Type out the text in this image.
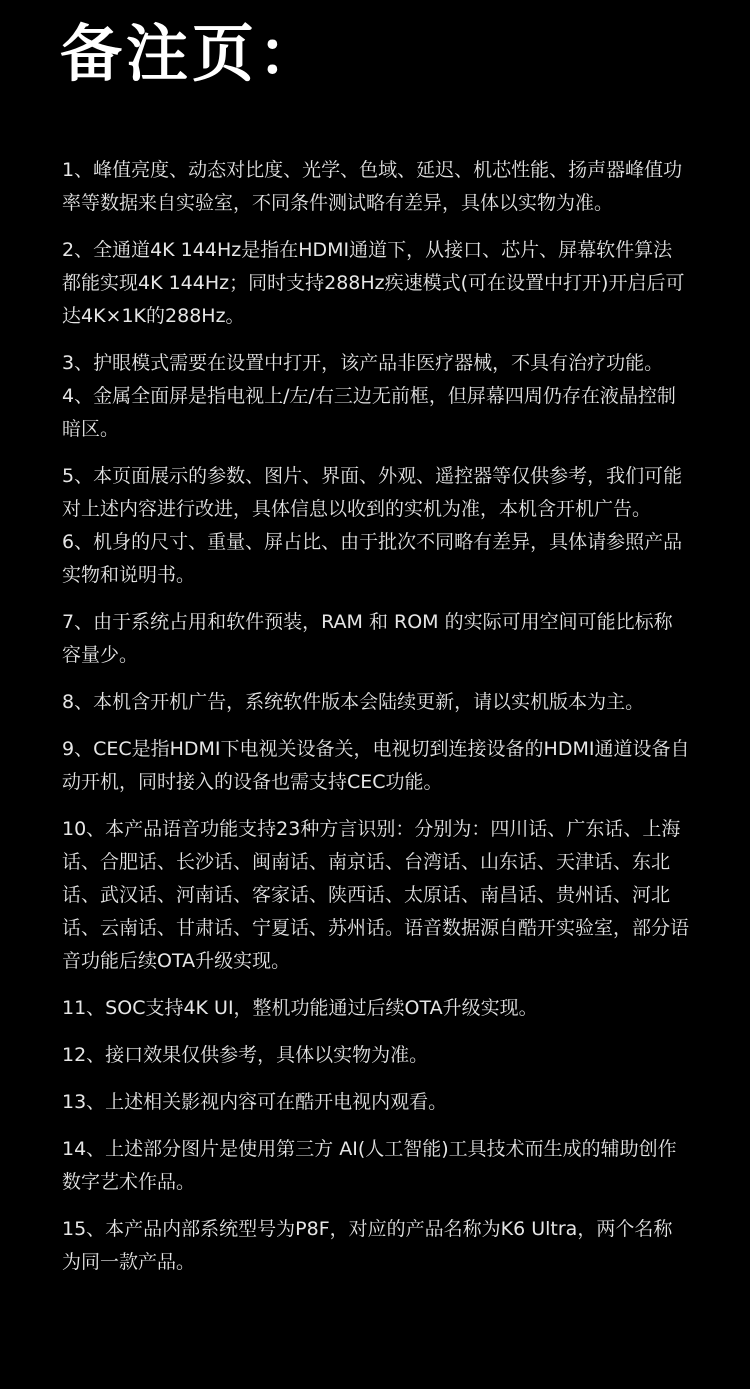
备注页：
1、峰值亮度、动态对比度、光学、色域、延迟、机芯性能、扬声器峰值功率等数据来自实验室，不同条件测试略有差异，具体以实物为准。
2、全通道4K 144Hz是指在HDMI通道下，从接口、芯片、屏幕软件算法都能实现4K 144Hz；同时支持288Hz疾速模式(可在设置中打开)开启后可达4K×1K的288Hz。
3、护眼模式需要在设置中打开，该产品非医疗器械，不具有治疗功能。
4、金属全面屏是指电视上/左/右三边无前框，但屏幕四周仍存在液晶控制暗区。
5、本页面展示的参数、图片、界面、外观、遥控器等仅供参考，我们可能对上述内容进行改进，具体信息以收到的实机为准，本机含开机广告。
6、机身的尺寸、重量、屏占比、由于批次不同略有差异，具体请参照产品实物和说明书。
7、由于系统占用和软件预装，RAM 和 ROM 的实际可用空间可能比标称容量少。
8、本机含开机广告，系统软件版本会陆续更新，请以实机版本为主。
9、CEC是指HDMI下电视关设备关，电视切到连接设备的HDMI通道设备自动开机，同时接入的设备也需支持CEC功能。
10、本产品语音功能支持23种方言识别：分别为：四川话、广东话、上海话、合肥话、长沙话、闽南话、南京话、台湾话、山东话、天津话、东北话、武汉话、河南话、客家话、陕西话、太原话、南昌话、贵州话、河北话、云南话、甘肃话、宁夏话、苏州话。语音数据源自酷开实验室，部分语音功能后续OTA升级实现。
11、SOC支持4K UI，整机功能通过后续OTA升级实现。
12、接口效果仅供参考，具体以实物为准。
13、上述相关影视内容可在酷开电视内观看。
14、上述部分图片是使用第三方 AI(人工智能)工具技术而生成的辅助创作数字艺术作品。
15、本产品内部系统型号为P8F，对应的产品名称为K6 Ultra，两个名称为同一款产品。
